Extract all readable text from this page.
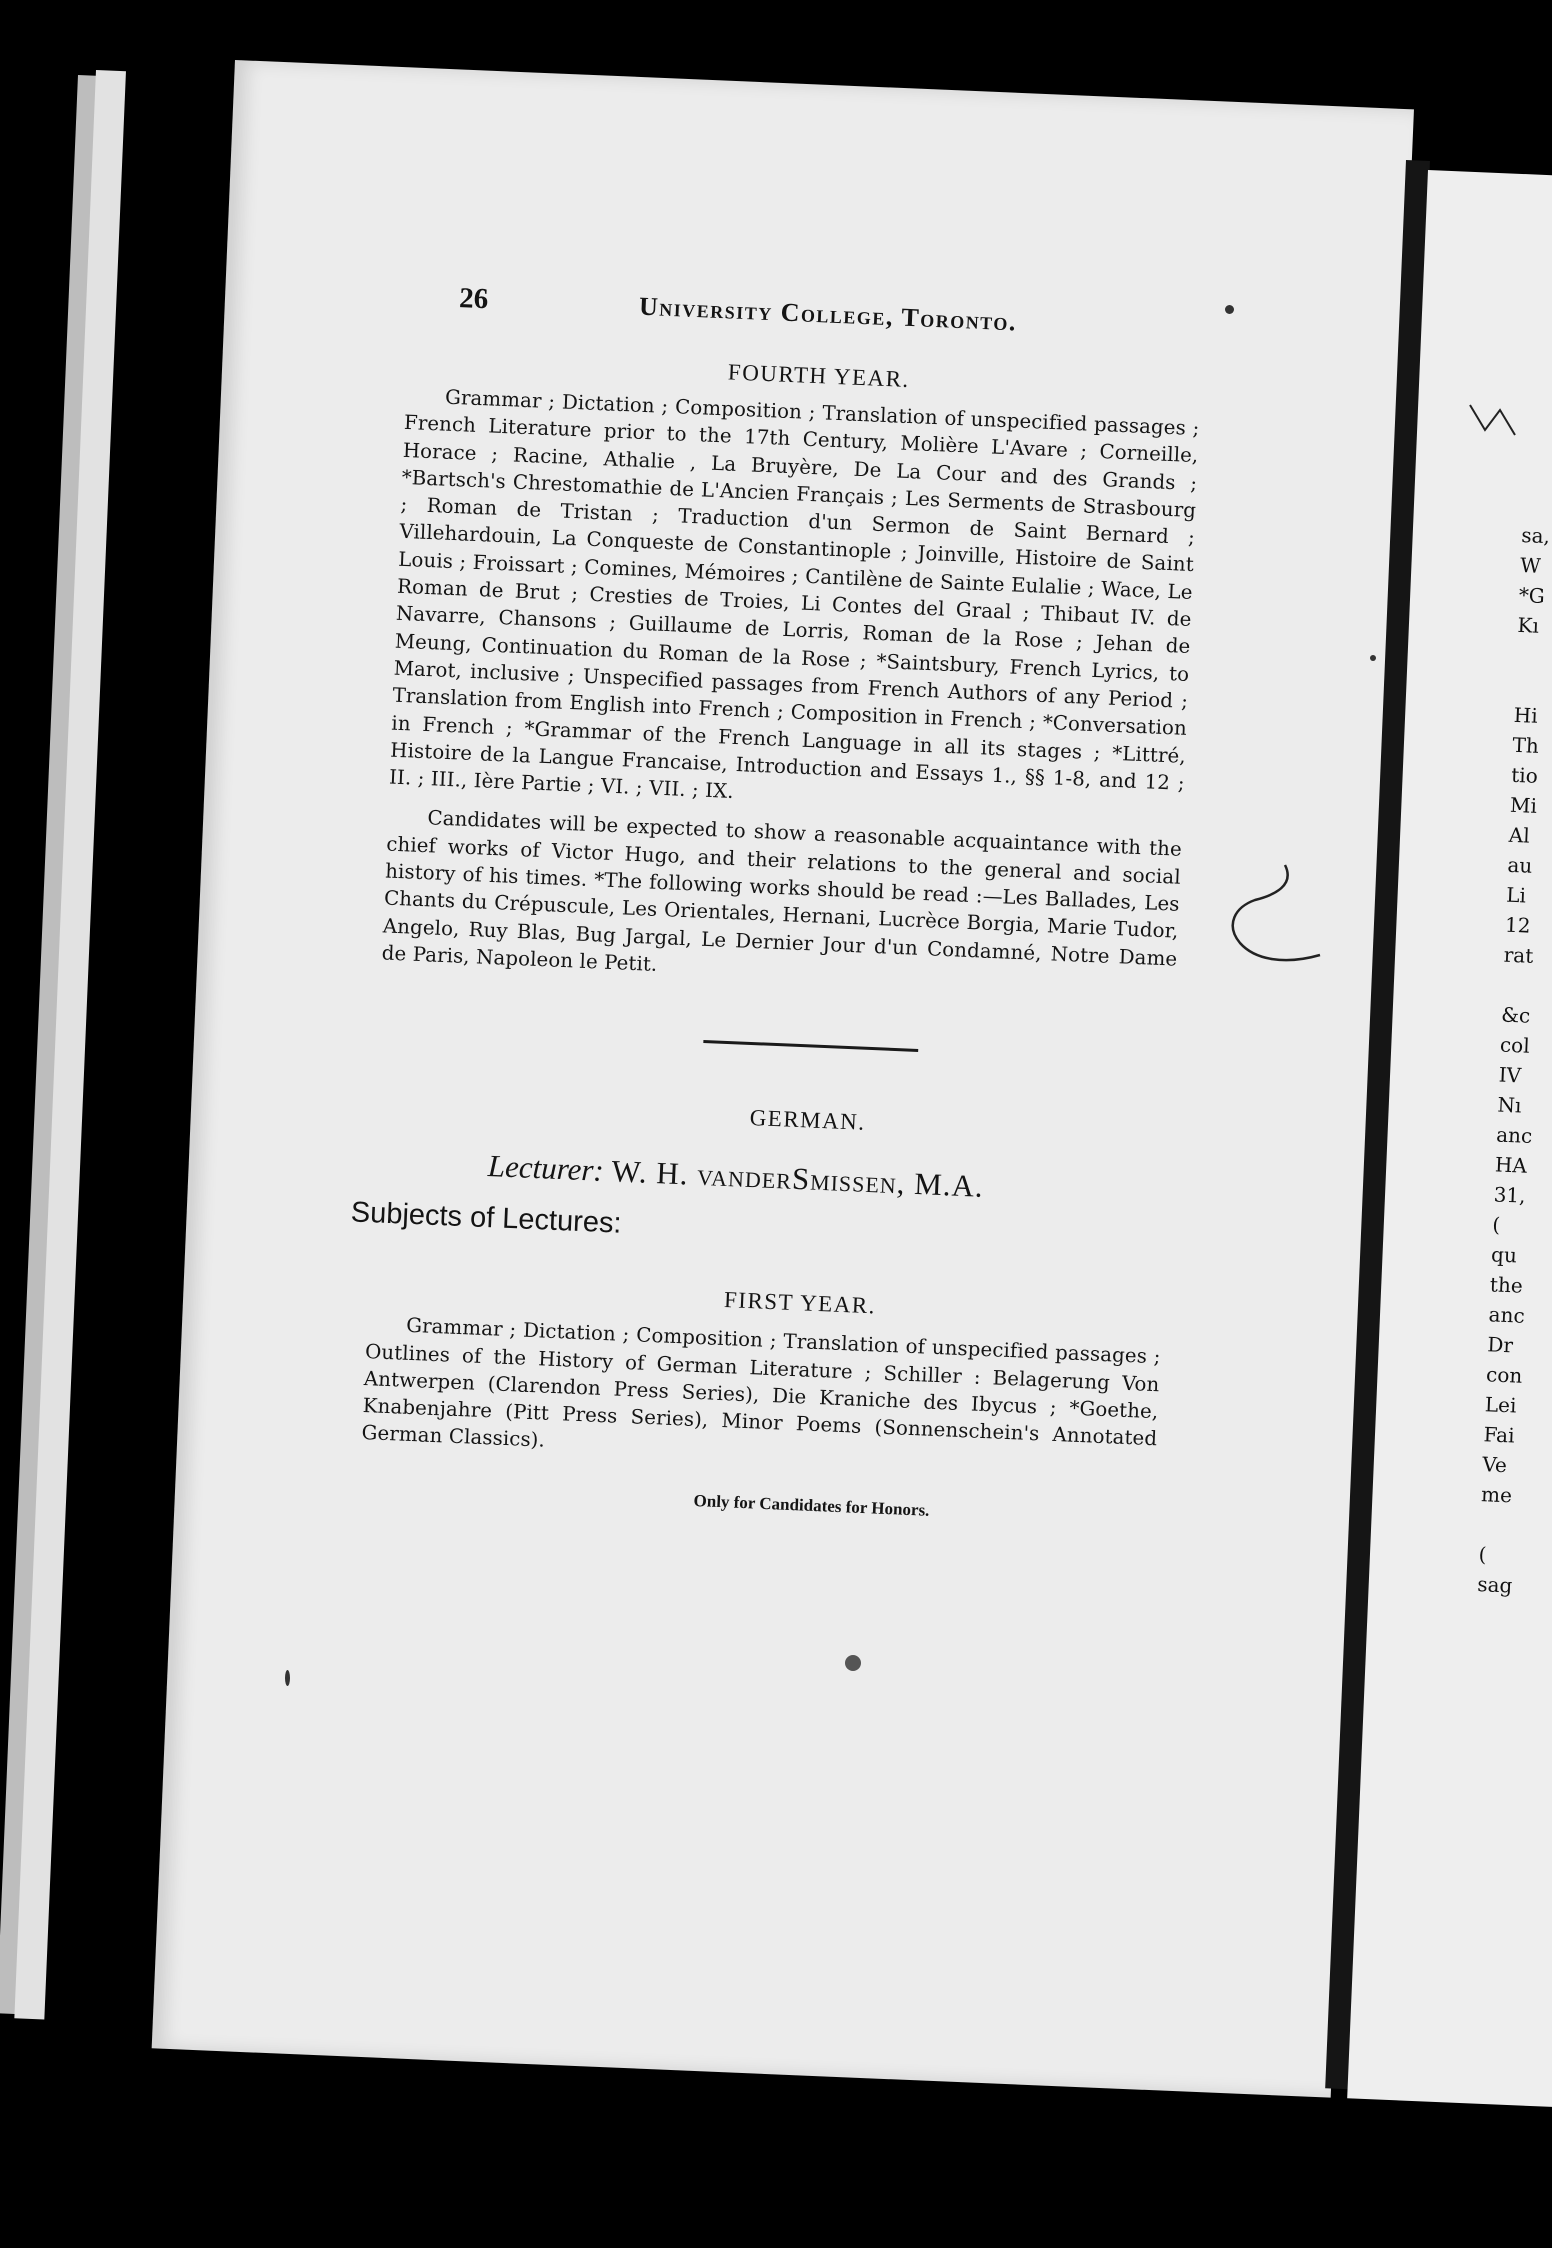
26	University College, Toronto.
FOURTH YEAR.

Grammar ; Dictation ; Composition ; Translation of unspecified passages ; French Literature prior to the 17th Century, Molière L'Avare ; Corneille, Horace ; Racine, Athalie , La Bruyère, De La Cour and des Grands ; *Bartsch's Chrestomathie de L'Ancien Français ; Les Serments de Strasbourg ; Roman de Tristan ; Traduction d'un Sermon de Saint Bernard ; Villehardouin, La Conqueste de Constantinople ; Joinville, Histoire de Saint Louis ; Froissart ; Comines, Mémoires ; Cantilène de Sainte Eulalie ; Wace, Le Roman de Brut ; Cresties de Troies, Li Contes del Graal ; Thibaut IV. de Navarre, Chansons ; Guillaume de Lorris, Roman de la Rose ; Jehan de Meung, Continuation du Roman de la Rose ; *Saintsbury, French Lyrics, to Marot, inclusive ; Unspecified passages from French Authors of any Period ; Translation from English into French ; Composition in French ; *Conversation in French ; *Grammar of the French Language in all its stages ; *Littré, Histoire de la Langue Francaise, Introduction and Essays 1., §§ 1-8, and 12 ; II. ; III., Ière Partie ; VI. ; VII. ; IX.

Candidates will be expected to show a reasonable acquaintance with the chief works of Victor Hugo, and their relations to the general and social history of his times. *The following works should be read :—Les Ballades, Les Chants du Crépuscule, Les Orientales, Hernani, Lucrèce Borgia, Marie Tudor, Angelo, Ruy Blas, Bug Jargal, Le Dernier Jour d'un Condamné, Notre Dame de Paris, Napoleon le Petit.

GERMAN.
Lecturer: W. H. vanderSmissen, M.A.
Subjects of Lectures:
FIRST YEAR.

Grammar ; Dictation ; Composition ; Translation of unspecified passages ; Outlines of the History of German Literature ; Schiller : Belagerung Von Antwerpen (Clarendon Press Series), Die Kraniche des Ibycus ; *Goethe, Knabenjahre (Pitt Press Series), Minor Poems (Sonnenschein's Annotated German Classics).

Only for Candidates for Honors.
sa,
W
*G
Kı

Hi
Th
tio
Mi
Al
au
Li
12
rat

&c
col
IV
Nı
anc
HA
31,
(
qu
the
anc
Dr
con
Lei
Fai
Ve
me

(
sag
